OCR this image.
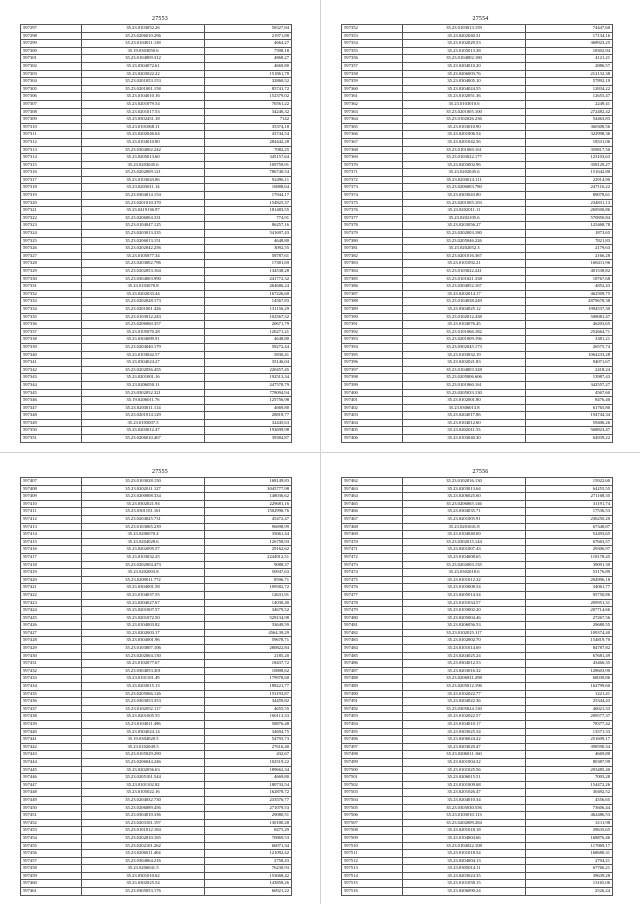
27553
597297	35.23.0103052.26	58327,84
597298	35.23.0206010.296	21971,88
597299	35.23.0104011.138	4664,27
597300	35.19.0303050.6	7398,18
597301	35.23.0104009.312	4868,27
597302	35.23.0304072.61	4669,80
597303	35.23.0203022.22	151861,78
597304	35.23.0201053.153	32860,52
597305	35.23.0201001.158	85741,72
597306	35.23.0104010.16	152379,02
597307	35.23.0201079.54	76561,22
597308	35.23.0201017.53	34246,32
597309	35.23.0302451.18	7142
597310	35.23.0101068.11	35374,18
597311	35.23.0202046.64	43744,54
597312	35.23.0104010.80	284442,28
597313	35.23.0304002.242	7082,25
597314	35.23.0205013.60	345157,64
597315	35.23.0203045.6	109759,91
597316	35.23.0202009.121	786740,54
597317	35.23.0103043.86	92496,11
597318	35.23.0203011.14	16888,64
597319	35.23.0304014.154	17944,17
597320	35.23.0201010.370	154825,37
597321	35.23.0419136.97	181483,55
597322	35.23.0206004.331	774,91
597323	35.23.0104047.125	86257,16
597324	35.23.0203013.335	541697,43
597325	35.23.0206013.151	4648,80
597326	35.23.0202042.256	3092,55
597327	35.23.0105077.34	58787,61
597328	35.23.0203002.796	17381,69
597329	35.23.0202053.164	134538,28
597330	35.23.0304003.990	241772,32
597331	35.23.0103070.8	264686,24
597332	35.23.0202033.44	167226,60
597333	35.23.0202028.173	14567,83
597334	35.23.0201001.426	131156,29
597335	35.23.0103012.243	102567,32
597336	35.23.0206060.357	20671,79
597337	35.23.0105070.28	120271,21
597338	35.23.0304089.91	4648,80
597339	35.23.0204040.179	58272,44
597340	35.23.0103042.57	5830,41
597341	35.23.0304024.27	35146,04
597342	35.23.0202056.455	220457,45
597343	35.23.0201001.16	192513,34
597344	35.23.0206050.11	247578,79
597345	35.23.0302052.321	778094,94
597346	35.19.0206011.76	125756,98
597347	35.23.0203011.114	4669,80
597348	35.23.0201014.129	28818,77
597349	35.23.0105007.5	32445,63
597350	35.23.0203012.47	193699,98
597351	35.23.0206010.467	39384,87
27554
597352	35.23.0103013.159	74447,60
597353	35.23.0202040.31	17134,16
597354	35.23.0102029.53	368923,25
597355	35.23.0105013.38	18302,94
597356	35.23.0104002.180	4121,21
597357	35.23.0204010.20	2886,57
597358	35.23.0206003.76	212132,38
597359	35.23.0304005.10	57892,19
597360	35.23.0204024.55	12834,22
597361	35.23.0102051.36	12655,47
597362	35.23.0103010.6	2249,41
597363	35.23.0201005.100	272482,42
597364	35.23.0102026.236	54463,83
597365	35.23.0103010.90	360308,56
597366	35.23.0201006.54	322998,36
597367	35.23.0201042.56	18531,06
597368	35.23.0101069.161	359817,50
597369	35.23.0103022.177	123103,63
597370	35.23.0203002.96	358129,27
597371	35.23.0202045.6	151642,80
597372	35.23.0203014.111	22914,90
597373	35.23.0206003.780	247116,22
597374	35.23.0303043.80	89078,61
597375	35.23.0201005.103	234831,13
597376	35.23.0202011.11	269500,86
597377	35.23.0202105.6	570850,84
597378	35.23.0203056.27	125468,78
597379	35.23.0202003.180	1873,65
597380	35.23.0205046.226	7821,83
597381	35.23.0202052.3	2179,63
597382	35.23.0201016.367	2166,28
597383	35.23.0101092.21	168411,96
597384	35.23.0103022.241	401538,82
597385	35.23.0101021.338	18767,68
597386	35.23.0304052.167	4852,43
597387	35.23.0202014.17	462509,75
597388	35.23.0104038.249	2879678,38
597389	35.23.0304025.12	1994537,30
597390	35.23.0102012.438	508081,47
597391	35.23.0104076.45	46203,65
597392	35.23.0101066.182	252664,71
597393	35.23.0201009.196	3381,21
597394	35.23.0302045.173	26575,74
597395	35.23.0103032.19	1064233,28
597396	35.23.0202021.83	94071,67
597397	35.23.0104003.328	2418,24
597398	35.23.0205006.606	13987,43
597399	35.23.0101060.161	342557,27
597400	35.23.0205033.130	4567,60
597401	35.23.0102001.80	8476,40
597402	35.23.0306013.8	61765,80
597403	35.23.0204017.86	194744,34
597404	35.23.0104012.60	59406,26
597405	35.23.0202011.53	568823,47
597406	35.23.0103040.30	64939,22
27555
597407	35.23.0103028.150	168149,83
597408	35.23.0202011.127	3045777,98
597409	35.23.0200008.334	148036,62
597410	35.23.0302021.94	229681,16
597411	35.23.0301101.161	1502996,76
597412	35.23.0204025.731	45472,47
597413	35.23.0103065.239	96698,99
597414	35.23.0206070.4	35661,44
597415	35.23.0204028.6	126758,93
597416	35.23.0202095.57	29162,62
597417	35.23.0103032.25	2244912,51
597418	35.23.0202004.473	9088,37
597419	35.23.0202003.8	50947,63
597420	35.23.0209011.772	8596,71
597421	35.23.0304001.58	109582,72
597422	35.23.0104037.55	12631,91
597423	35.23.0204027.67	14030,40
597424	35.23.0201007.57	34679,52
597425	35.23.0201072.50	529134,98
597426	35.23.0104003.82	33649,59
597427	35.23.0202003.17	4564,39,29
597428	35.23.0304001.96	59678,71
597429	35.23.0103007.106	280822,84
597430	35.23.0202004.130	2185,20
597431	35.23.0102077.67	18437,72
597432	35.23.0304053.301	10808,62
597433	35.23.0101101.49	179978,60
597434	35.23.0203015.13	188221,77
597435	35.23.0205066.126	153193,87
597436	35.23.0303053.353	34459,82
597437	35.23.0102052.117	4655,55
597438	35.23.0201005.55	160113,33
597439	35.23.0104011.496	58876,48
597440	35.23.0304024.14	34694,75
597441	35.19.0304020.5	54793,73
597442	35.23.0102049.5	27616,40
597443	35.23.0105029.290	432,67
597444	35.23.0206044.246	102519,22
597445	35.23.0202056.63	189662,34
597446	35.23.0205101.544	4669,80
597447	35.23.0101102.82	180733,54
597448	35.23.0105022.16	162878,72
597449	35.23.0204032.730	233576,77
597450	35.23.0206089.456	271079,53
597451	35.23.0304010.336	29080,51
597452	35.23.0203101.197	130180,28
597453	35.23.0101012.184	8475,29
597454	35.23.0202010.165	70869,53
597455	35.23.0202101.262	66071,34
597456	35.23.0206011.404	121092,42
597457	35.23.0304064.216	2758,43
597458	35.23.0206041.5	76230,93
597459	35.23.0301010.62	153668,42
597460	35.23.0302025.54	143858,26
597461	35.23.0305053.176	66921,22
27556
597462	35.23.0102016.130	15922,60
597463	35.23.0203013.64	64255,55
597464	35.23.0206025.60	271168,35
597465	35.23.0206065.146	31191,74
597466	35.23.0304035.71	17536,53
597467	35.23.0201005.91	236250,20
597468	35.23.0201041.8	67348,87
597469	35.23.0104040.69	52493,65
597470	35.23.0302015.144	67663,57
597471	35.23.0201007.43	29306,97
597472	35.23.0104008.65	118178,45
597473	35.23.0202003.135	39091,30
597474	35.23.0302018.6	53176,89
597475	35.23.0101012.32	204996,18
597476	35.23.0103008.54	34061,77
597477	35.23.0205014.34	95750,86
597478	35.23.0101034.57	209951,31
597479	35.23.0103002.20	207714,66
597480	35.23.0205004.46	27267,56
597481	35.23.0206056.53	29680,55
597482	35.23.0102015.117	109374,40
597483	35.23.0102002.70	154819,70
597484	35.23.0101014.69	84787,82
597485	35.23.0204025.24	67681,49
597486	35.23.0304012.53	43466,35
597487	35.23.0203016.32	128603,90
597488	35.23.0206031.298	68039,86
597489	35.23.0205012.196	162799,60
597490	35.23.0102022.77	1221,41
597491	35.23.0204022.36	25344,43
597492	35.23.0305024.130	46021,33
597493	35.23.0102022.57	209577,37
597494	35.23.0104010.17	78377,42
597495	35.23.0303025.34	13571,33
597496	35.23.0206024.22	251609,17
597497	35.23.0203020.47	398590,34
597498	35.23.0206011.160	4669,80
597499	35.23.0201004.32	80387,99
597500	35.23.0101025.56	293485,40
597501	35.23.0206015.51	7003,28
597502	35.23.0101009.68	154472,26
597503	35.23.0201026.47	30492,52
597504	35.23.0204010.34	4556,65
597505	35.23.0305030.556	73606,44
597506	35.23.0103010.113	462486,53
597507	35.23.0202009.284	4111,98
597508	35.23.0201018.18	39635,65
597509	35.23.0104004.66	168876,46
597510	35.23.0104022.108	117869,17
597511	35.23.0101018.54	168680,31
597512	35.23.0204004.13	2794,21
597513	35.23.0305014.11	67766,21
597514	35.23.0203024.35	39639,28
597515	35.23.0101058.15	13165,06
597516	35.23.0206090.24	2526,24
